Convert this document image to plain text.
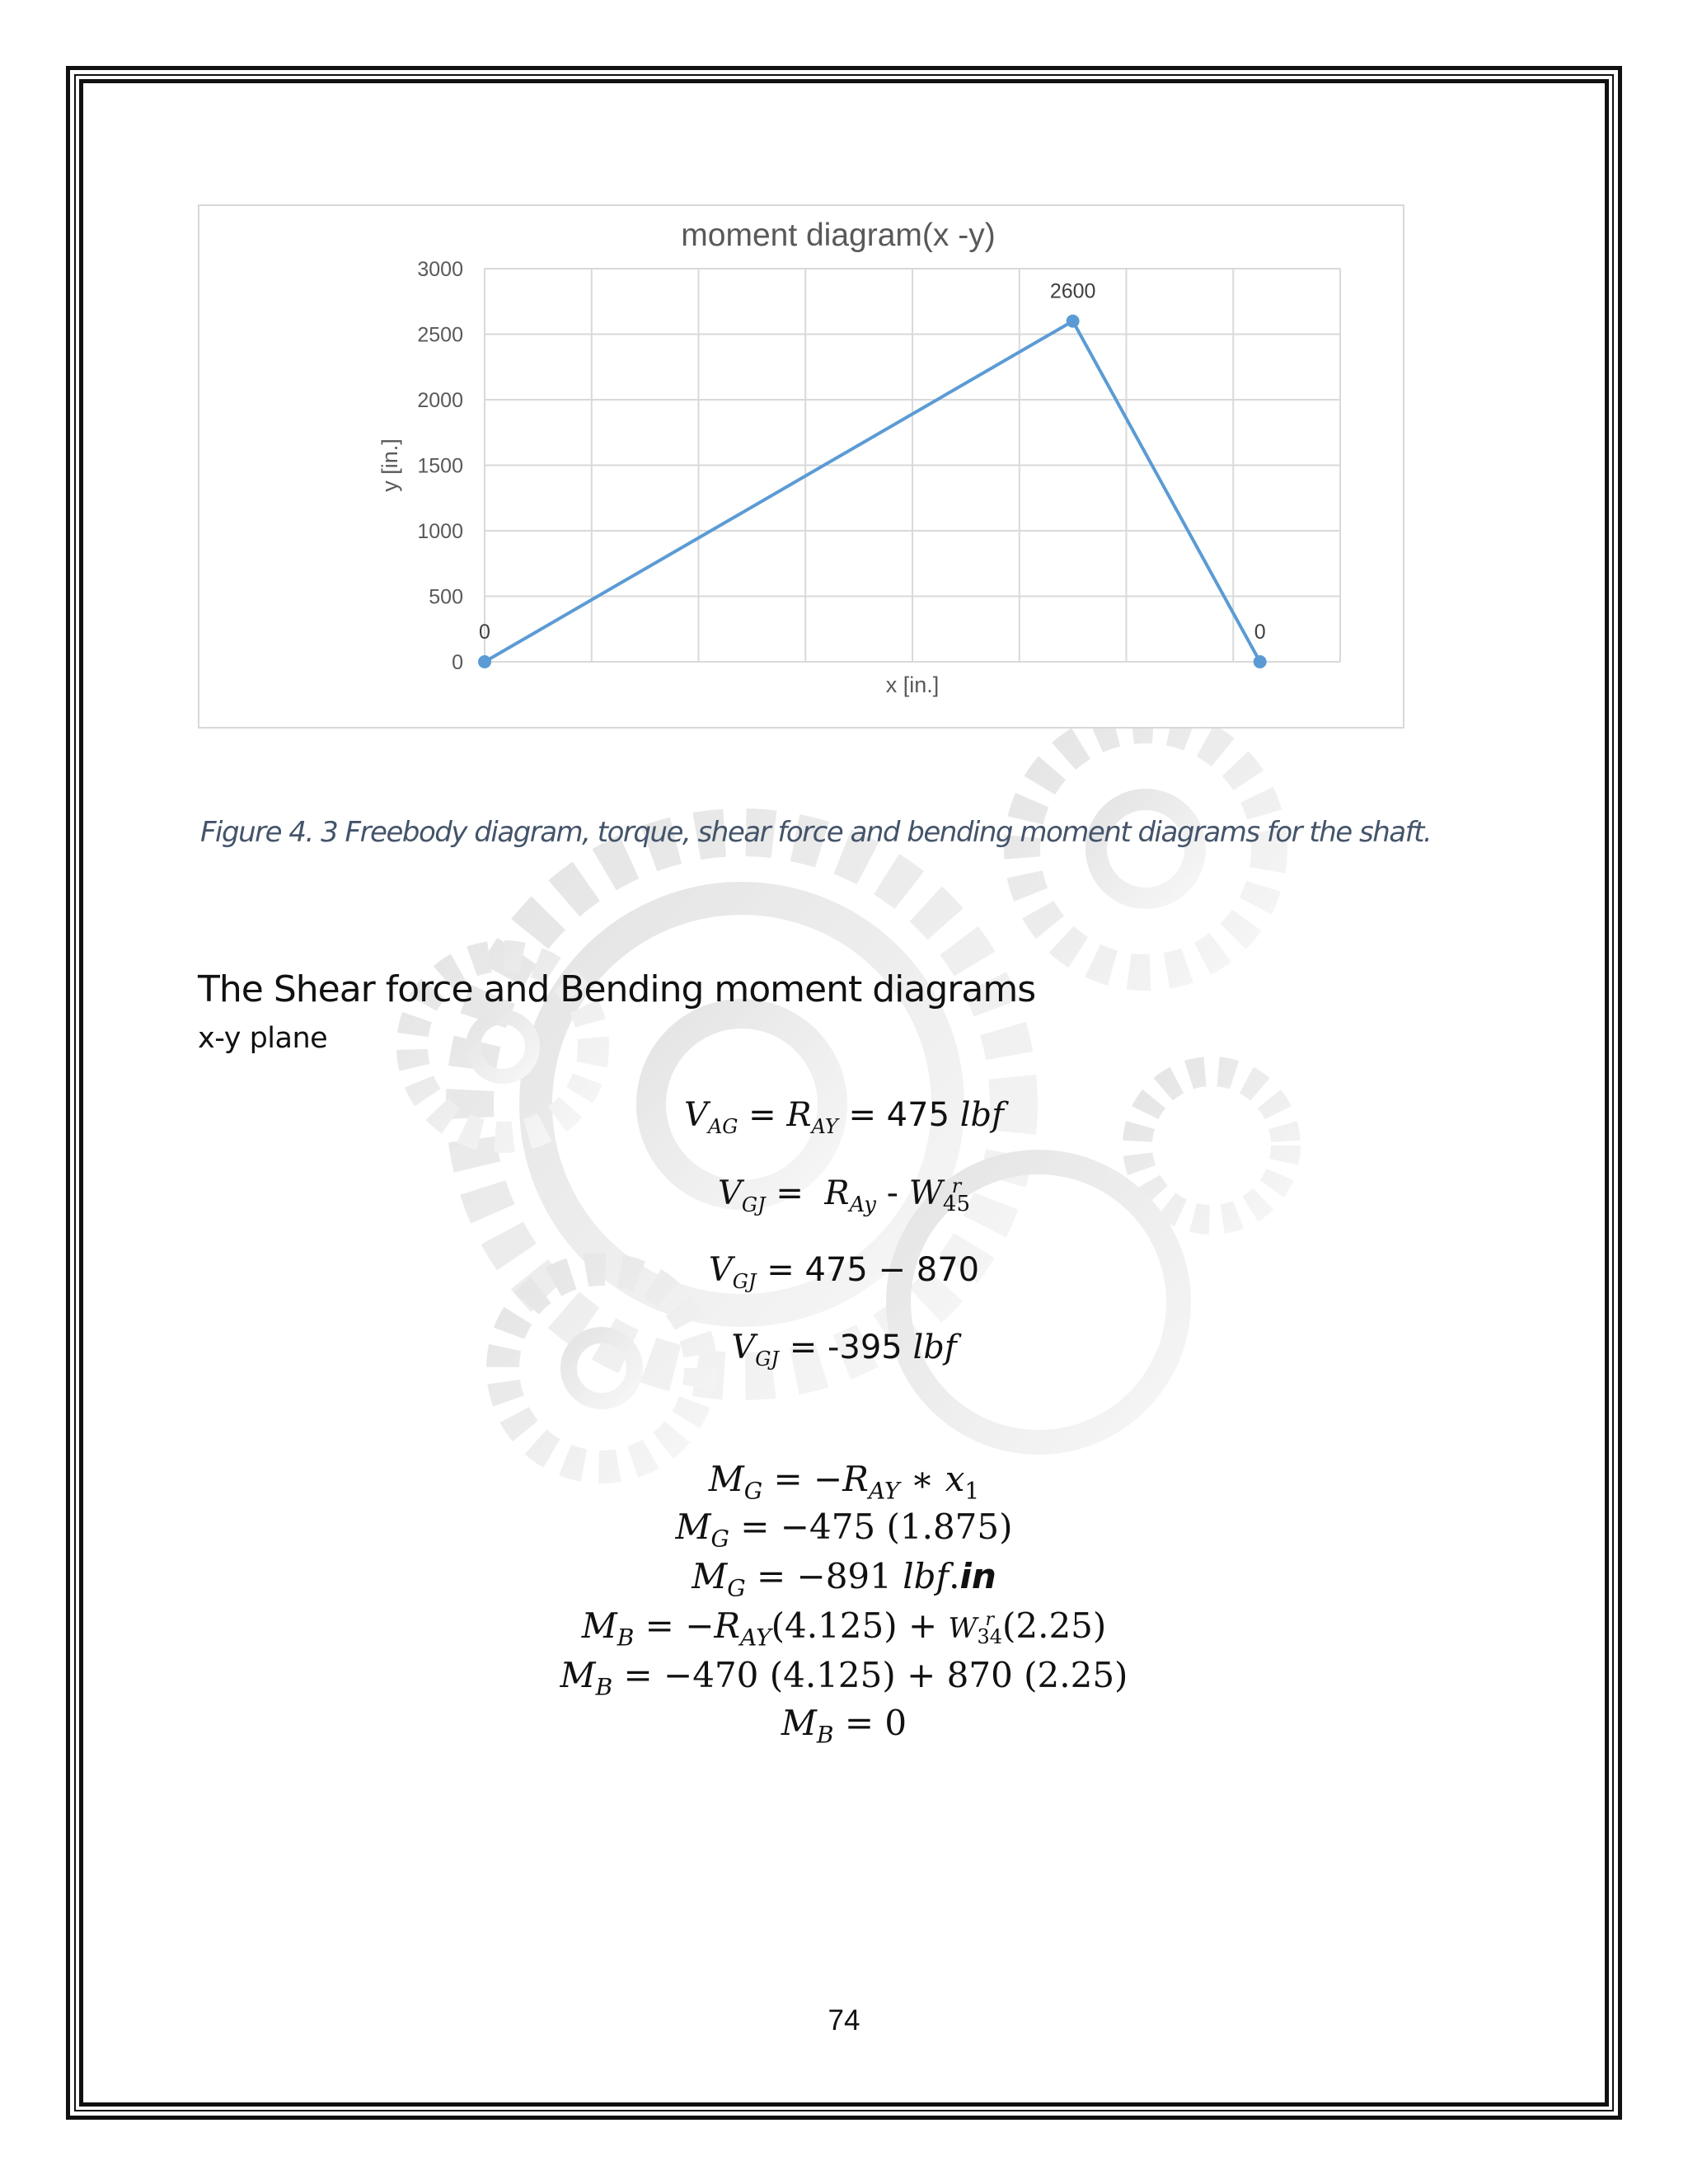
0
500
1000
1500
2000
2500
3000
moment diagram(x -y)
x [in.]
y [in.]
0
2600
0
Figure 4. 3 Freebody diagram, torque, shear force and bending moment diagrams for the shaft.
The Shear force and Bending moment diagrams
x-y plane
$V_{AG} = R_{AY} = 475$ lbf
$V_{GJ} = R_{Ay} - W$ r
45
$V_{GJ} = 475 - 870$
$V_{GJ} = -395$ lbf
$M_G = -R_{AY}$ ∗ $x_1$
$M_G = -475$ (1.875)
$M_G = -891$ lbf.in
$M_B = -R_{AY}(4.125) + W$ r
34 (2.25)
$M_B = -470$ (4.125) + 870 (2.25)
$M_B = 0$
74
